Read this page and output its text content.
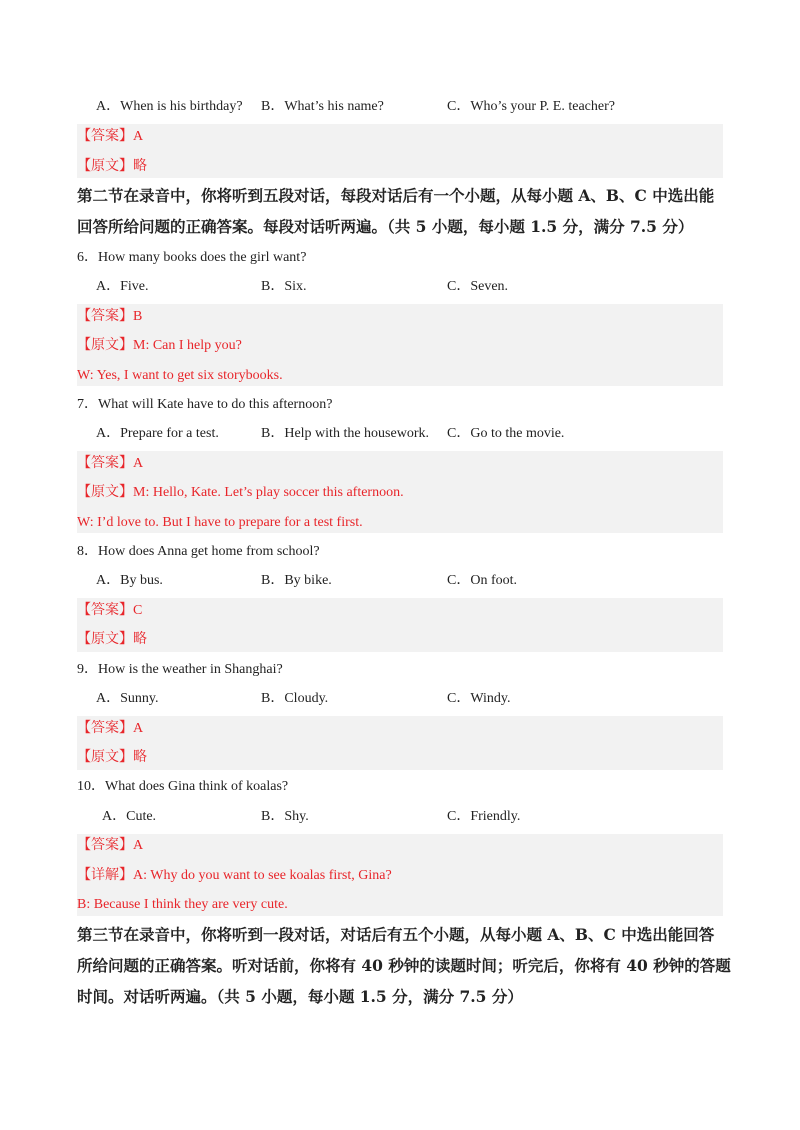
A．When is his birthday? B．What’s his name?	C．Who’s your P. E. teacher?
【答案】A
【原文】略
第二节在录音中，你将听到五段对话，每段对话后有一个小题，从每小题 A、B、C 中选出能
回答所给问题的正确答案。每段对话听两遍。（共 5 小题，每小题 1.5 分，满分 7.5 分）
6．How many books does the girl want?
A．Five.	B．Six.	C．Seven.
【答案】B
【原文】M: Can I help you?
W: Yes, I want to get six storybooks.
7．What will Kate have to do this afternoon?
A．Prepare for a test.	B．Help with the housework. C．Go to the movie.
【答案】A
【原文】M: Hello, Kate. Let’s play soccer this afternoon.
W: I’d love to. But I have to prepare for a test first.
8．How does Anna get home from school?
A．By bus.	B．By bike.	C．On foot.
【答案】C
【原文】略
9．How is the weather in Shanghai?
A．Sunny.	B．Cloudy.	C．Windy.
【答案】A
【原文】略
10．What does Gina think of koalas?
A．Cute.	B．Shy.	C．Friendly.
【答案】A
【详解】A: Why do you want to see koalas first, Gina?
B: Because I think they are very cute.
第三节在录音中，你将听到一段对话，对话后有五个小题，从每小题 A、B、C 中选出能回答
所给问题的正确答案。听对话前，你将有 40 秒钟的读题时间；听完后，你将有 40 秒钟的答题
时间。对话听两遍。（共 5 小题，每小题 1.5 分，满分 7.5 分）
